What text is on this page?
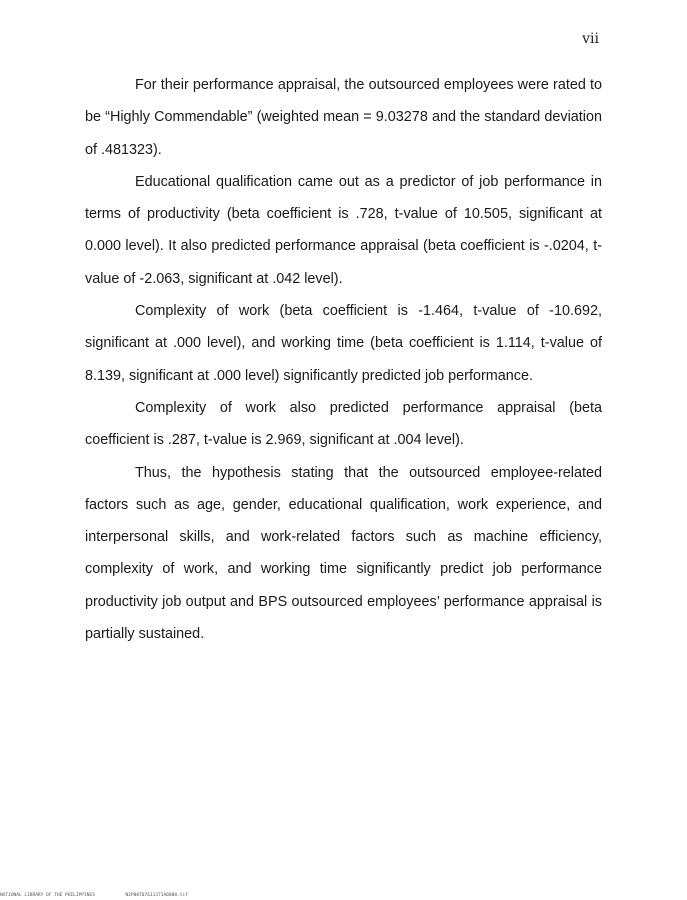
vii

For their performance appraisal, the outsourced employees were rated to be “Highly Commendable” (weighted mean = 9.03278 and the standard deviation of .481323).

Educational qualification came out as a predictor of job performance in terms of productivity (beta coefficient is .728, t-value of 10.505, significant at 0.000 level). It also predicted performance appraisal (beta coefficient is -.0204, t-value of -2.063, significant at .042 level).

Complexity of work (beta coefficient is -1.464, t-value of -10.692, significant at .000 level), and working time (beta coefficient is 1.114, t-value of 8.139, significant at .000 level) significantly predicted job performance.

Complexity of work also predicted performance appraisal (beta coefficient is .287, t-value is 2.969, significant at .004 level).

Thus, the hypothesis stating that the outsourced employee-related factors such as age, gender, educational qualification, work experience, and interpersonal skills, and work-related factors such as machine efficiency, complexity of work, and working time significantly predict job performance productivity job output and BPS outsourced employees’ performance appraisal is partially sustained.

NATIONAL LIBRARY OF THE PHILIPPINES	N2P00T07611371A0008.tif
